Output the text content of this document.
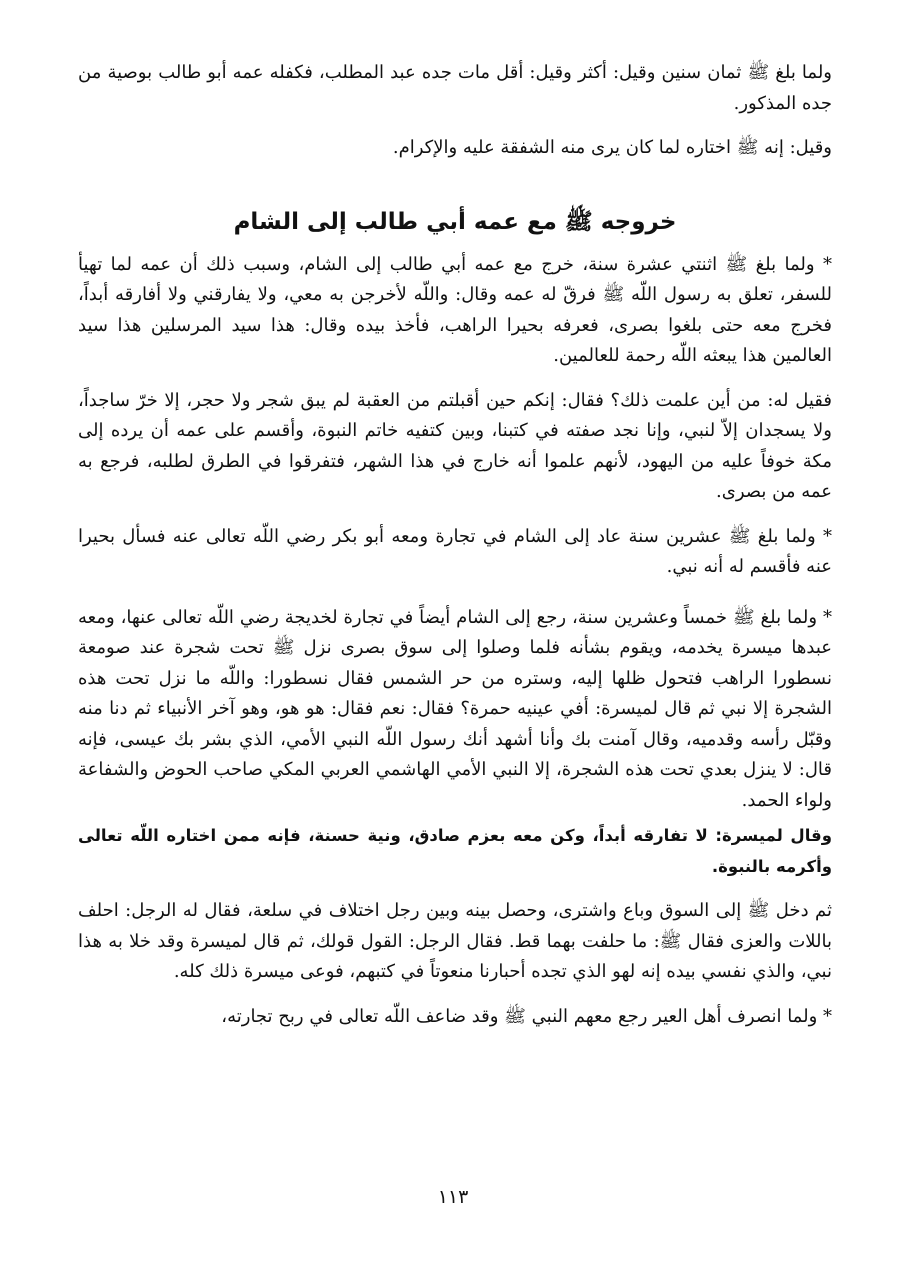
ولما بلغ ﷺ ثمان سنين وقيل: أكثر وقيل: أقل مات جده عبد المطلب، فكفله عمه أبو طالب بوصية من جده المذكور.

وقيل: إنه ﷺ اختاره لما كان يرى منه الشفقة عليه والإكرام.

خروجه ﷺ مع عمه أبي طالب إلى الشام

* ولما بلغ ﷺ اثنتي عشرة سنة، خرج مع عمه أبي طالب إلى الشام، وسبب ذلك أن عمه لما تهيأ للسفر، تعلق به رسول اللّه ﷺ فرقّ له عمه وقال: واللّه لأخرجن به معي، ولا يفارقني ولا أفارقه أبداً، فخرج معه حتى بلغوا بصرى، فعرفه بحيرا الراهب، فأخذ بيده وقال: هذا سيد المرسلين هذا سيد العالمين هذا يبعثه اللّه رحمة للعالمين.

فقيل له: من أين علمت ذلك؟ فقال: إنكم حين أقبلتم من العقبة لم يبق شجر ولا حجر، إلا خرّ ساجداً، ولا يسجدان إلاّ لنبي، وإنا نجد صفته في كتبنا، وبين كتفيه خاتم النبوة، وأقسم على عمه أن يرده إلى مكة خوفاً عليه من اليهود، لأنهم علموا أنه خارج في هذا الشهر، فتفرقوا في الطرق لطلبه، فرجع به عمه من بصرى.

* ولما بلغ ﷺ عشرين سنة عاد إلى الشام في تجارة ومعه أبو بكر رضي اللّه تعالى عنه فسأل بحيرا عنه فأقسم له أنه نبي.

* ولما بلغ ﷺ خمساً وعشرين سنة، رجع إلى الشام أيضاً في تجارة لخديجة رضي اللّه تعالى عنها، ومعه عبدها ميسرة يخدمه، ويقوم بشأنه فلما وصلوا إلى سوق بصرى نزل ﷺ تحت شجرة عند صومعة نسطورا الراهب فتحول ظلها إليه، وستره من حر الشمس فقال نسطورا: واللّه ما نزل تحت هذه الشجرة إلا نبي ثم قال لميسرة: أفي عينيه حمرة؟ فقال: نعم فقال: هو هو، وهو آخر الأنبياء ثم دنا منه وقبّل رأسه وقدميه، وقال آمنت بك وأنا أشهد أنك رسول اللّه النبي الأمي، الذي بشر بك عيسى، فإنه قال: لا ينزل بعدي تحت هذه الشجرة، إلا النبي الأمي الهاشمي العربي المكي صاحب الحوض والشفاعة ولواء الحمد.

وقال لميسرة: لا تفارقه أبداً، وكن معه بعزم صادق، ونية حسنة، فإنه ممن اختاره اللّه تعالى وأكرمه بالنبوة.

ثم دخل ﷺ إلى السوق وباع واشترى، وحصل بينه وبين رجل اختلاف في سلعة، فقال له الرجل: احلف باللات والعزى فقال ﷺ: ما حلفت بهما قط. فقال الرجل: القول قولك، ثم قال لميسرة وقد خلا به هذا نبي، والذي نفسي بيده إنه لهو الذي تجده أحبارنا منعوتاً في كتبهم، فوعى ميسرة ذلك كله.

* ولما انصرف أهل العير رجع معهم النبي ﷺ وقد ضاعف اللّه تعالى في ربح تجارته،

١١٣
